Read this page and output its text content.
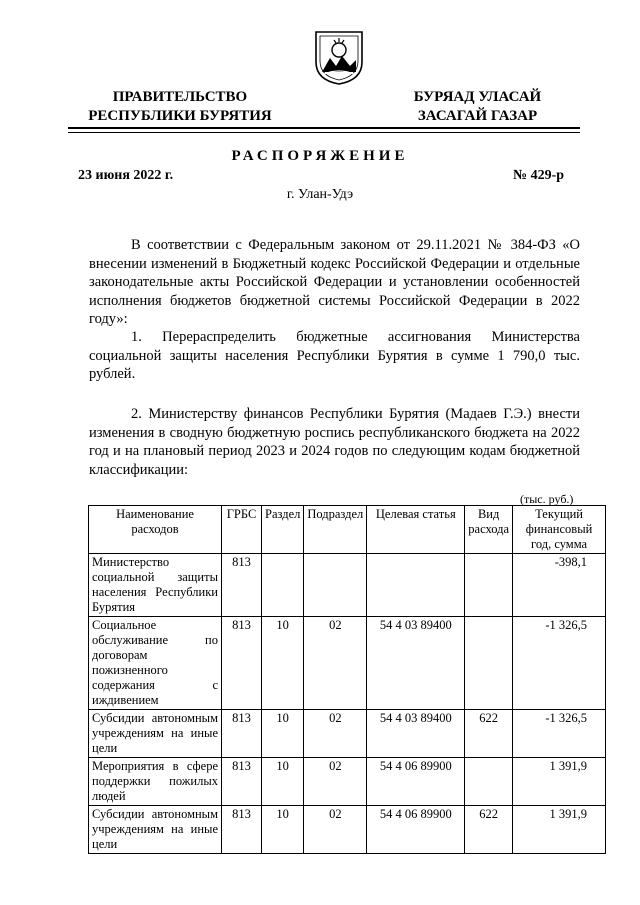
ПРАВИТЕЛЬСТВО
РЕСПУБЛИКИ БУРЯТИЯ
БУРЯАД УЛАСАЙ
ЗАСАГАЙ ГАЗАР
РАСПОРЯЖЕНИЕ
23 июня 2022 г.	№ 429-р
г. Улан-Удэ
В соответствии с Федеральным законом от 29.11.2021 № 384-ФЗ «О внесении изменений в Бюджетный кодекс Российской Федерации и отдельные законодательные акты Российской Федерации и установлении особенностей исполнения бюджетов бюджетной системы Российской Федерации в 2022 году»:
1. Перераспределить бюджетные ассигнования Министерства социальной защиты населения Республики Бурятия в сумме 1 790,0 тыс. рублей.
2. Министерству финансов Республики Бурятия (Мадаев Г.Э.) внести изменения в сводную бюджетную роспись республиканского бюджета на 2022 год и на плановый период 2023 и 2024 годов по следующим кодам бюджетной классификации:
(тыс. руб.)
Наименование расходов	ГРБС	Раздел	Подраздел	Целевая статья	Вид расхода	Текущий финансовый год, сумма
Министерство социальной защиты населения Республики Бурятия	813					-398,1
Социальное обслуживание по договорам пожизненного содержания с иждивением	813	10	02	54 4 03 89400		-1 326,5
Субсидии автономным учреждениям на иные цели	813	10	02	54 4 03 89400	622	-1 326,5
Мероприятия в сфере поддержки пожилых людей	813	10	02	54 4 06 89900		1 391,9
Субсидии автономным учреждениям на иные цели	813	10	02	54 4 06 89900	622	1 391,9
